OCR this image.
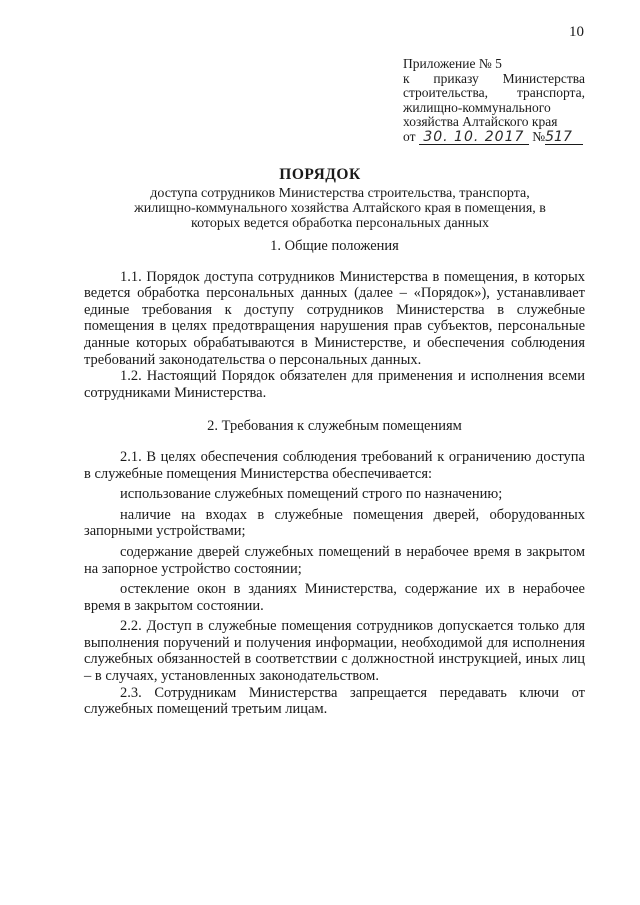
10
Приложение № 5
к приказу Министерства
строительства, транспорта,
жилищно-коммунального
хозяйства Алтайского края
от 30. 10. 2017 №517
ПОРЯДОК
доступа сотрудников Министерства строительства, транспорта, жилищно-коммунального хозяйства Алтайского края в помещения, в которых ведется обработка персональных данных
1. Общие положения

1.1. Порядок доступа сотрудников Министерства в помещения, в которых ведется обработка персональных данных (далее – «Порядок»), устанавливает единые требования к доступу сотрудников Министерства в служебные помещения в целях предотвращения нарушения прав субъектов, персональные данные которых обрабатываются в Министерстве, и обеспечения соблюдения требований законодательства о персональных данных.

1.2. Настоящий Порядок обязателен для применения и исполнения всеми сотрудниками Министерства.

2. Требования к служебным помещениям

2.1. В целях обеспечения соблюдения требований к ограничению доступа в служебные помещения Министерства обеспечивается:

использование служебных помещений строго по назначению;

наличие на входах в служебные помещения дверей, оборудованных запорными устройствами;

содержание дверей служебных помещений в нерабочее время в закрытом на запорное устройство состоянии;

остекление окон в зданиях Министерства, содержание их в нерабочее время в закрытом состоянии.

2.2. Доступ в служебные помещения сотрудников допускается только для выполнения поручений и получения информации, необходимой для исполнения служебных обязанностей в соответствии с должностной инструкцией, иных лиц – в случаях, установленных законодательством.

2.3. Сотрудникам Министерства запрещается передавать ключи от служебных помещений третьим лицам.
